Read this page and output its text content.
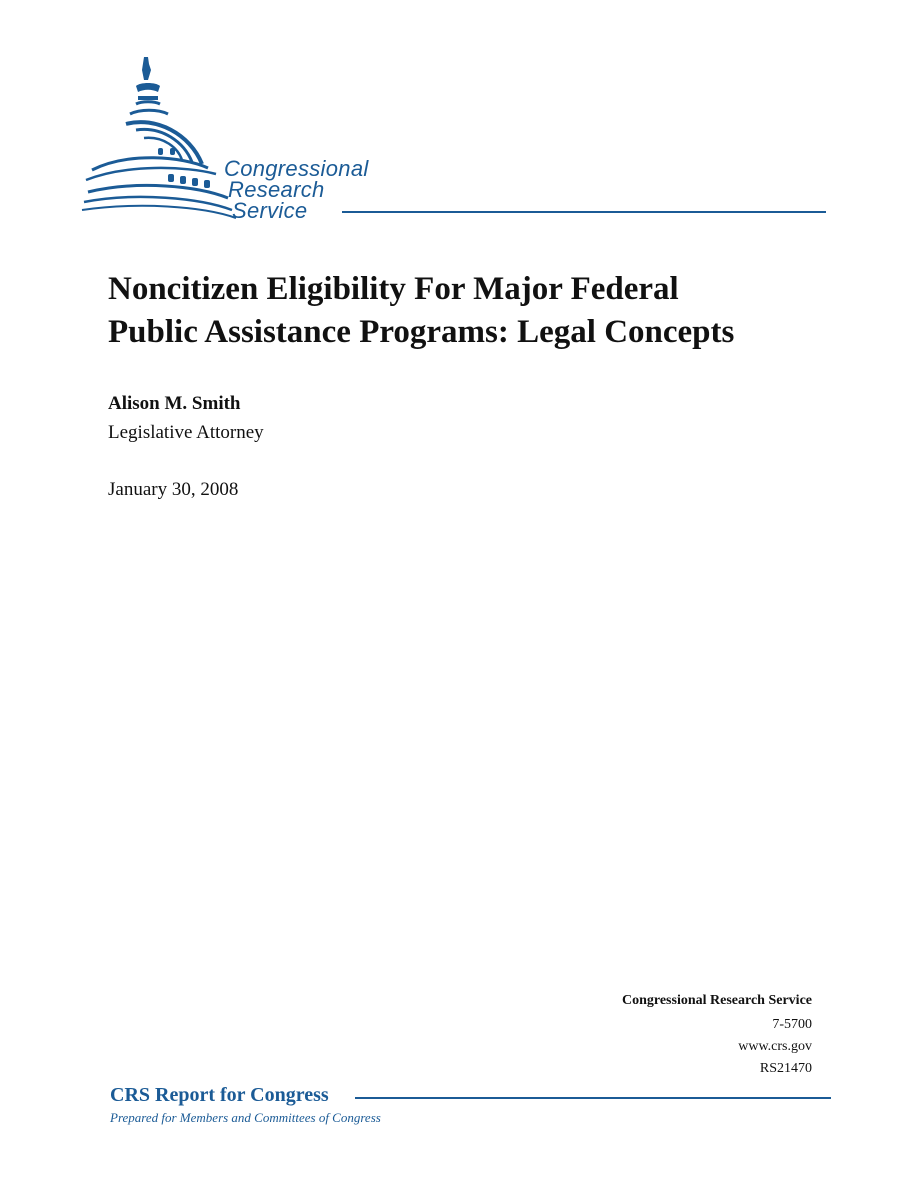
Congressional
Research
Service
Noncitizen Eligibility For Major Federal
Public Assistance Programs: Legal Concepts
Alison M. Smith
Legislative Attorney
January 30, 2008
Congressional Research Service
7-5700
www.crs.gov
RS21470
CRS Report for Congress
Prepared for Members and Committees of Congress
